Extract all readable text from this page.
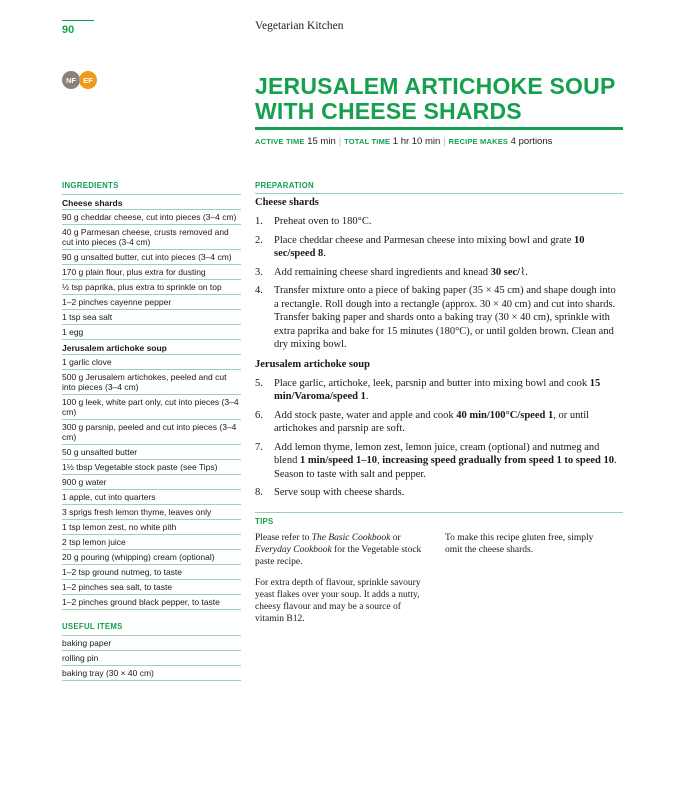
90	Vegetarian Kitchen
NF EF	JERUSALEM ARTICHOKE SOUP
WITH CHEESE SHARDS
ACTIVE TIME 15 min | TOTAL TIME 1 hr 10 min | RECIPE MAKES 4 portions
INGREDIENTS
Cheese shards
90 g cheddar cheese, cut into pieces (3–4 cm)
40 g Parmesan cheese, crusts removed and cut into pieces (3-4 cm)
90 g unsalted butter, cut into pieces (3–4 cm)
170 g plain flour, plus extra for dusting
½ tsp paprika, plus extra to sprinkle on top
1–2 pinches cayenne pepper
1 tsp sea salt
1 egg
Jerusalem artichoke soup
1 garlic clove
500 g Jerusalem artichokes, peeled and cut into pieces (3–4 cm)
100 g leek, white part only, cut into pieces (3–4 cm)
300 g parsnip, peeled and cut into pieces (3–4 cm)
50 g unsalted butter
1½ tbsp Vegetable stock paste (see Tips)
900 g water
1 apple, cut into quarters
3 sprigs fresh lemon thyme, leaves only
1 tsp lemon zest, no white pith
2 tsp lemon juice
20 g pouring (whipping) cream (optional)
1–2 tsp ground nutmeg, to taste
1–2 pinches sea salt, to taste
1–2 pinches ground black pepper, to taste
USEFUL ITEMS
baking paper
rolling pin
baking tray (30 × 40 cm)
PREPARATION
Cheese shards
1.	Preheat oven to 180°C.
2.	Place cheddar cheese and Parmesan cheese into mixing bowl and grate 10 sec/speed 8.
3.	Add remaining cheese shard ingredients and knead 30 sec/⌇.
4.	Transfer mixture onto a piece of baking paper (35 × 45 cm) and shape dough into a rectangle. Roll dough into a rectangle (approx. 30 × 40 cm) and cut into shards. Transfer baking paper and shards onto a baking tray (30 × 40 cm), sprinkle with extra paprika and bake for 15 minutes (180°C), or until golden brown. Clean and dry mixing bowl.
Jerusalem artichoke soup
5.	Place garlic, artichoke, leek, parsnip and butter into mixing bowl and cook 15 min/Varoma/speed 1.
6.	Add stock paste, water and apple and cook 40 min/100°C/speed 1, or until artichokes and parsnip are soft.
7.	Add lemon thyme, lemon zest, lemon juice, cream (optional) and nutmeg and blend 1 min/speed 1–10, increasing speed gradually from speed 1 to speed 10. Season to taste with salt and pepper.
8.	Serve soup with cheese shards.
TIPS

Please refer to The Basic Cookbook or Everyday Cookbook for the Vegetable stock paste recipe.

For extra depth of flavour, sprinkle savoury yeast flakes over your soup. It adds a nutty, cheesy flavour and may be a source of vitamin B12.

To make this recipe gluten free, simply omit the cheese shards.
